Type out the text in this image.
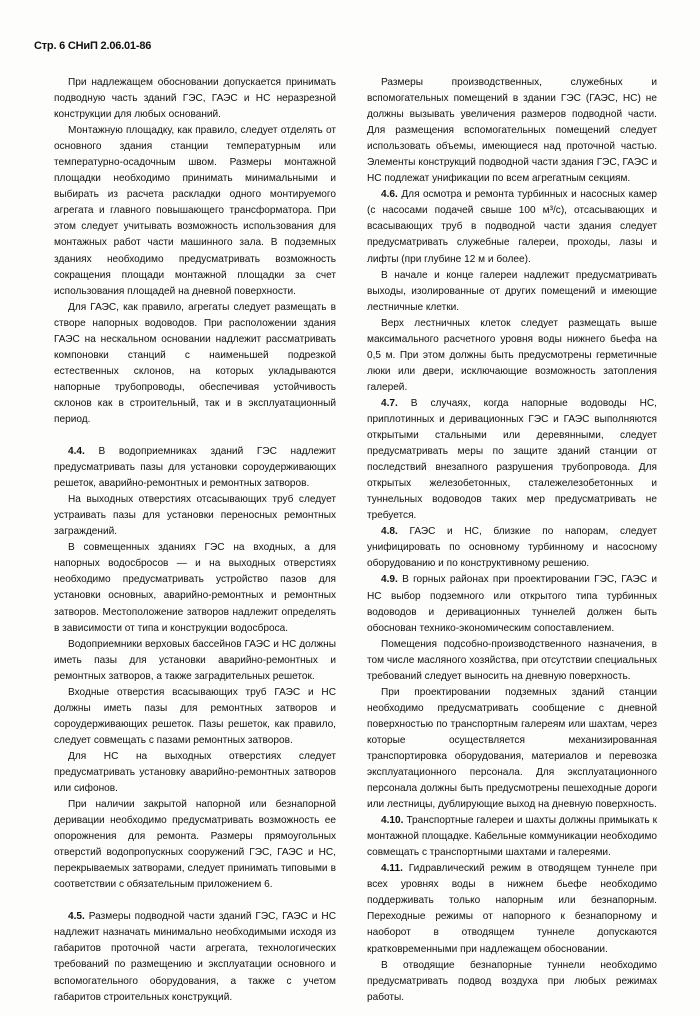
Стр. 6 СНиП 2.06.01-86

При надлежащем обосновании допускается принимать подводную часть зданий ГЭС, ГАЭС и НС неразрезной конструкции для любых оснований.

Монтажную площадку, как правило, следует отделять от основного здания станции температурным или температурно-осадочным швом. Размеры монтажной площадки необходимо принимать минимальными и выбирать из расчета раскладки одного монтируемого агрегата и главного повышающего трансформатора. При этом следует учитывать возможность использования для монтажных работ части машинного зала. В подземных зданиях необходимо предусматривать возможность сокращения площади монтажной площадки за счет использования площадей на дневной поверхности.

Для ГАЭС, как правило, агрегаты следует размещать в створе напорных водоводов. При расположении здания ГАЭС на нескальном основании надлежит рассматривать компоновки станций с наименьшей подрезкой естественных склонов, на которых укладываются напорные трубопроводы, обеспечивая устойчивость склонов как в строительный, так и в эксплуатационный период.

4.4. В водоприемниках зданий ГЭС надлежит предусматривать пазы для установки сороудерживающих решеток, аварийно-ремонтных и ремонтных затворов.

На выходных отверстиях отсасывающих труб следует устраивать пазы для установки переносных ремонтных заграждений.

В совмещенных зданиях ГЭС на входных, а для напорных водосбросов — и на выходных отверстиях необходимо предусматривать устройство пазов для установки основных, аварийно-ремонтных и ремонтных затворов. Местоположение затворов надлежит определять в зависимости от типа и конструкции водосброса.

Водоприемники верховых бассейнов ГАЭС и НС должны иметь пазы для установки аварийно-ремонтных и ремонтных затворов, а также заградительных решеток.

Входные отверстия всасывающих труб ГАЭС и НС должны иметь пазы для ремонтных затворов и сороудерживающих решеток. Пазы решеток, как правило, следует совмещать с пазами ремонтных затворов.

Для НС на выходных отверстиях следует предусматривать установку аварийно-ремонтных затворов или сифонов.

При наличии закрытой напорной или безнапорной деривации необходимо предусматривать возможность ее опорожнения для ремонта. Размеры прямоугольных отверстий водопропускных сооружений ГЭС, ГАЭС и НС, перекрываемых затворами, следует принимать типовыми в соответствии с обязательным приложением 6.

4.5. Размеры подводной части зданий ГЭС, ГАЭС и НС надлежит назначать минимально необходимыми исходя из габаритов проточной части агрегата, технологических требований по размещению и эксплуатации основного и вспомогательного оборудования, а также с учетом габаритов строительных конструкций.

Размеры производственных, служебных и вспомогательных помещений в здании ГЭС (ГАЭС, НС) не должны вызывать увеличения размеров подводной части. Для размещения вспомогательных помещений следует использовать объемы, имеющиеся над проточной частью. Элементы конструкций подводной части здания ГЭС, ГАЭС и НС подлежат унификации по всем агрегатным секциям.

4.6. Для осмотра и ремонта турбинных и насосных камер (с насосами подачей свыше 100 м³/с), отсасывающих и всасывающих труб в подводной части здания следует предусматривать служебные галереи, проходы, лазы и лифты (при глубине 12 м и более).

В начале и конце галереи надлежит предусматривать выходы, изолированные от других помещений и имеющие лестничные клетки.

Верх лестничных клеток следует размещать выше максимального расчетного уровня воды нижнего бьефа на 0,5 м. При этом должны быть предусмотрены герметичные люки или двери, исключающие возможность затопления галерей.

4.7. В случаях, когда напорные водоводы НС, приплотинных и деривационных ГЭС и ГАЭС выполняются открытыми стальными или деревянными, следует предусматривать меры по защите зданий станции от последствий внезапного разрушения трубопровода. Для открытых железобетонных, сталежелезобетонных и туннельных водоводов таких мер предусматривать не требуется.

4.8. ГАЭС и НС, близкие по напорам, следует унифицировать по основному турбинному и насосному оборудованию и по конструктивному решению.

4.9. В горных районах при проектировании ГЭС, ГАЭС и НС выбор подземного или открытого типа турбинных водоводов и деривационных туннелей должен быть обоснован технико-экономическим сопоставлением.

Помещения подсобно-производственного назначения, в том числе масляного хозяйства, при отсутствии специальных требований следует выносить на дневную поверхность.

При проектировании подземных зданий станции необходимо предусматривать сообщение с дневной поверхностью по транспортным галереям или шахтам, через которые осуществляется механизированная транспортировка оборудования, материалов и перевозка эксплуатационного персонала. Для эксплуатационного персонала должны быть предусмотрены пешеходные дороги или лестницы, дублирующие выход на дневную поверхность.

4.10. Транспортные галереи и шахты должны примыкать к монтажной площадке. Кабельные коммуникации необходимо совмещать с транспортными шахтами и галереями.

4.11. Гидравлический режим в отводящем туннеле при всех уровнях воды в нижнем бьефе необходимо поддерживать только напорным или безнапорным. Переходные режимы от напорного к безнапорному и наоборот в отводящем туннеле допускаются кратковременными при надлежащем обосновании.

В отводящие безнапорные туннели необходимо предусматривать подвод воздуха при любых режимах работы.
